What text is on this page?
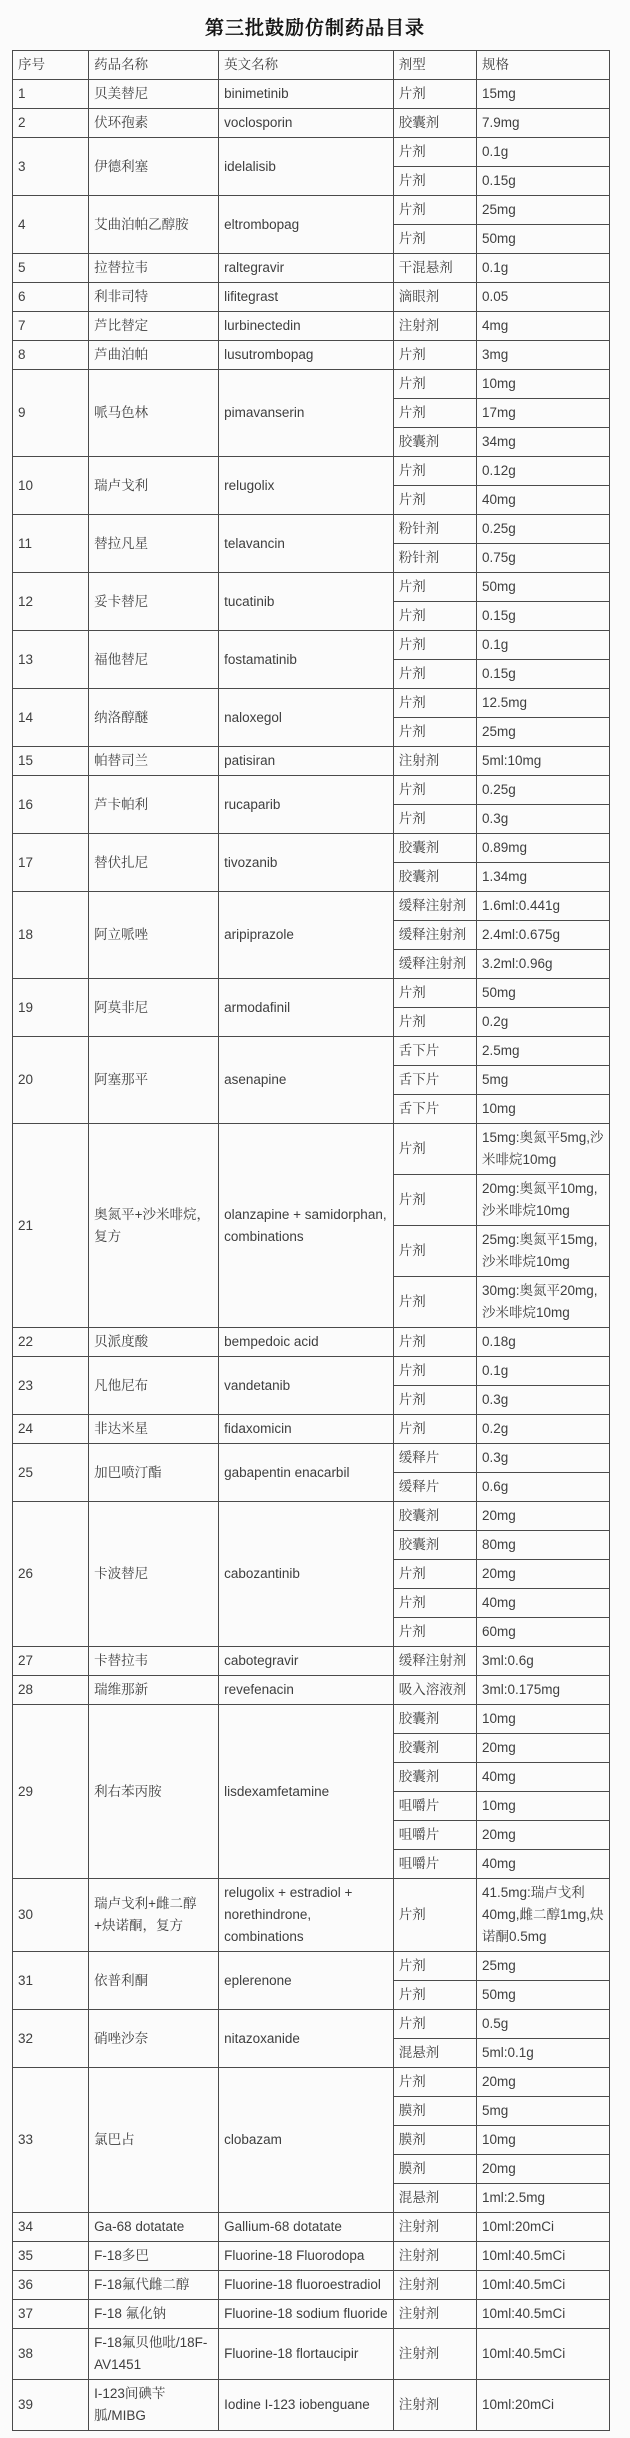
第三批鼓励仿制药品目录
序号	药品名称	英文名称	剂型	规格
1	贝美替尼	binimetinib	片剂	15mg
2	伏环孢素	voclosporin	胶囊剂	7.9mg
3	伊德利塞	idelalisib	片剂	0.1g
			片剂	0.15g
4	艾曲泊帕乙醇胺	eltrombopag	片剂	25mg
			片剂	50mg
5	拉替拉韦	raltegravir	干混悬剂	0.1g
6	利非司特	lifitegrast	滴眼剂	0.05
7	芦比替定	lurbinectedin	注射剂	4mg
8	芦曲泊帕	lusutrombopag	片剂	3mg
9	哌马色林	pimavanserin	片剂	10mg
			片剂	17mg
			胶囊剂	34mg
10	瑞卢戈利	relugolix	片剂	0.12g
			片剂	40mg
11	替拉凡星	telavancin	粉针剂	0.25g
			粉针剂	0.75g
12	妥卡替尼	tucatinib	片剂	50mg
			片剂	0.15g
13	福他替尼	fostamatinib	片剂	0.1g
			片剂	0.15g
14	纳洛醇醚	naloxegol	片剂	12.5mg
			片剂	25mg
15	帕替司兰	patisiran	注射剂	5ml:10mg
16	芦卡帕利	rucaparib	片剂	0.25g
			片剂	0.3g
17	替伏扎尼	tivozanib	胶囊剂	0.89mg
			胶囊剂	1.34mg
18	阿立哌唑	aripiprazole	缓释注射剂	1.6ml:0.441g
			缓释注射剂	2.4ml:0.675g
			缓释注射剂	3.2ml:0.96g
19	阿莫非尼	armodafinil	片剂	50mg
			片剂	0.2g
20	阿塞那平	asenapine	舌下片	2.5mg
			舌下片	5mg
			舌下片	10mg
21	奥氮平+沙米啡烷，复方	olanzapine + samidorphan, combinations	片剂	15mg:奥氮平5mg,沙米啡烷10mg
			片剂	20mg:奥氮平10mg,沙米啡烷10mg
			片剂	25mg:奥氮平15mg,沙米啡烷10mg
			片剂	30mg:奥氮平20mg,沙米啡烷10mg
22	贝派度酸	bempedoic acid	片剂	0.18g
23	凡他尼布	vandetanib	片剂	0.1g
			片剂	0.3g
24	非达米星	fidaxomicin	片剂	0.2g
25	加巴喷汀酯	gabapentin enacarbil	缓释片	0.3g
			缓释片	0.6g
26	卡波替尼	cabozantinib	胶囊剂	20mg
			胶囊剂	80mg
			片剂	20mg
			片剂	40mg
			片剂	60mg
27	卡替拉韦	cabotegravir	缓释注射剂	3ml:0.6g
28	瑞维那新	revefenacin	吸入溶液剂	3ml:0.175mg
29	利右苯丙胺	lisdexamfetamine	胶囊剂	10mg
			胶囊剂	20mg
			胶囊剂	40mg
			咀嚼片	10mg
			咀嚼片	20mg
			咀嚼片	40mg
30	瑞卢戈利+雌二醇+炔诺酮，复方	relugolix + estradiol + norethindrone, combinations	片剂	41.5mg:瑞卢戈利40mg,雌二醇1mg,炔诺酮0.5mg
31	依普利酮	eplerenone	片剂	25mg
			片剂	50mg
32	硝唑沙奈	nitazoxanide	片剂	0.5g
			混悬剂	5ml:0.1g
33	氯巴占	clobazam	片剂	20mg
			膜剂	5mg
			膜剂	10mg
			膜剂	20mg
			混悬剂	1ml:2.5mg
34	Ga-68 dotatate	Gallium-68 dotatate	注射剂	10ml:20mCi
35	F-18多巴	Fluorine-18 Fluorodopa	注射剂	10ml:40.5mCi
36	F-18氟代雌二醇	Fluorine-18 fluoroestradiol	注射剂	10ml:40.5mCi
37	F-18 氟化钠	Fluorine-18 sodium fluoride	注射剂	10ml:40.5mCi
38	F-18氟贝他吡/18F-AV1451	Fluorine-18 flortaucipir	注射剂	10ml:40.5mCi
39	I-123间碘苄胍/MIBG	Iodine I-123 iobenguane	注射剂	10ml:20mCi
